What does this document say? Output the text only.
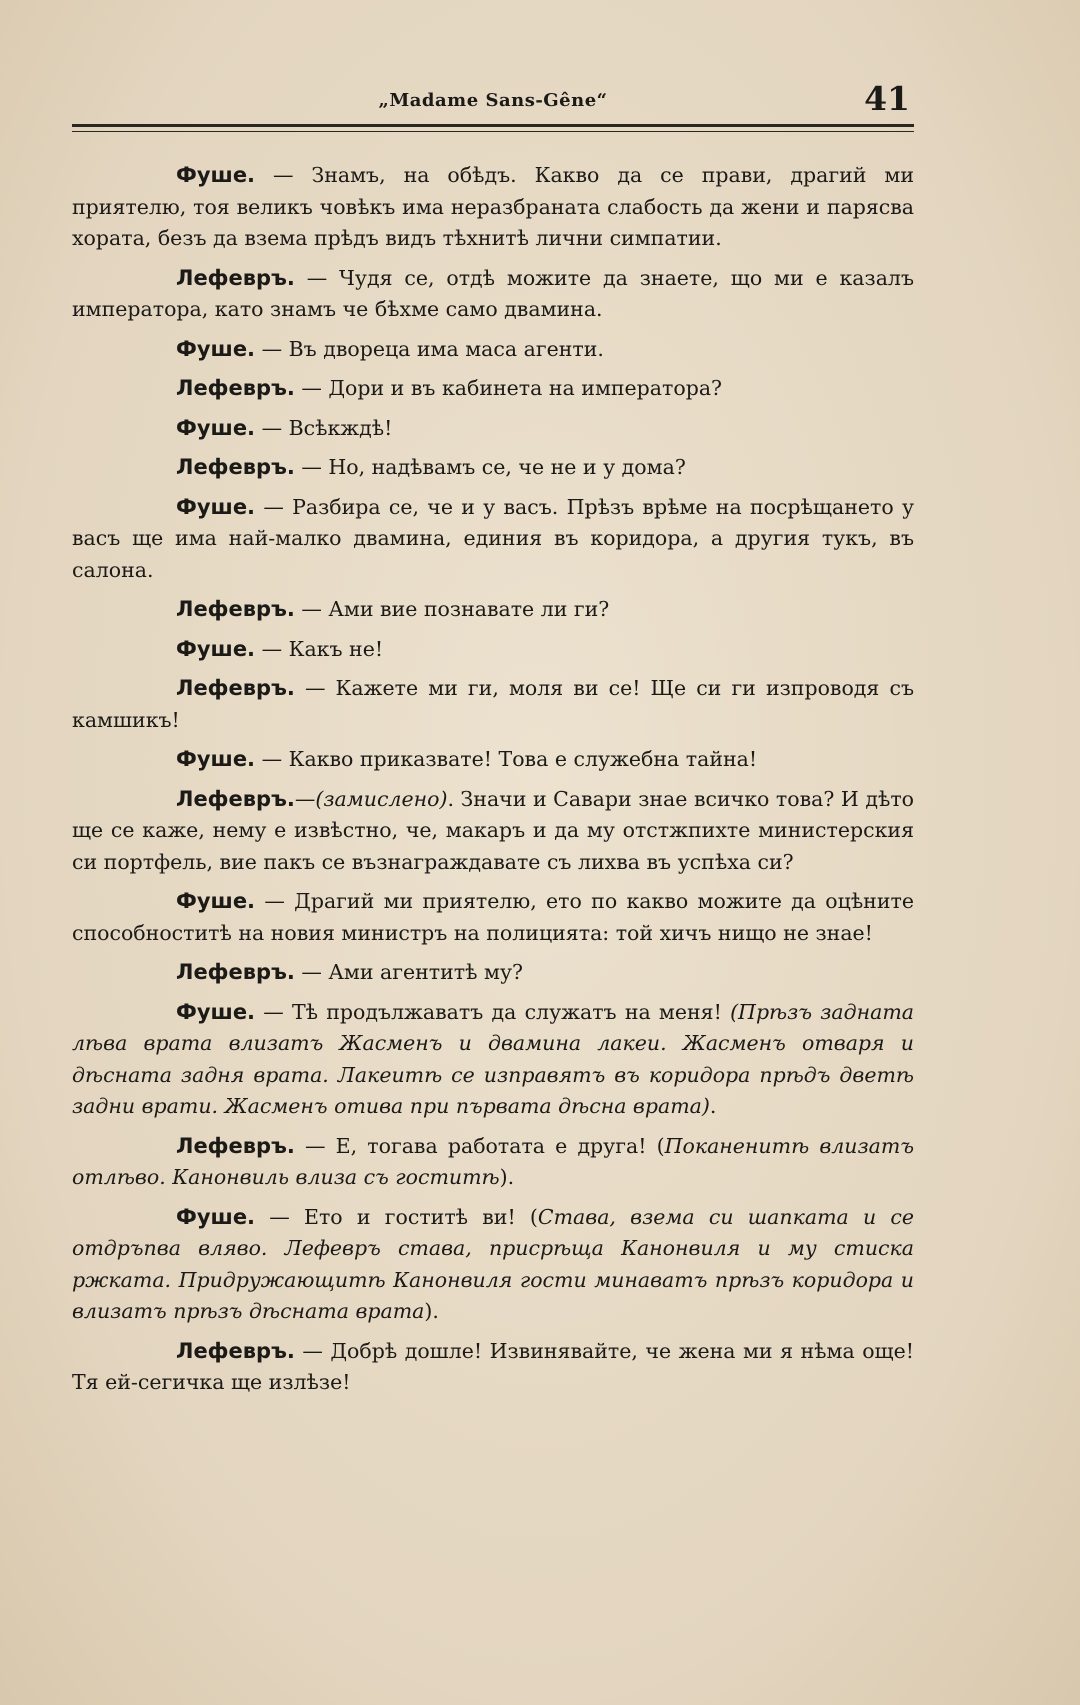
„Madame Sans-Gêne“	41

Фуше. — Знамъ, на обѣдъ. Какво да се прави, драгий ми приятелю, тоя великъ човѣкъ има неразбраната слабость да жени и парясва хората, безъ да взема прѣдъ видъ тѣхнитѣ лични симпатии.

Лефевръ. — Чудя се, отдѣ можите да знаете, що ми е казалъ императора, като знамъ че бѣхме само двамина.

Фуше. — Въ двореца има маса агенти.

Лефевръ. — Дори и въ кабинета на императора?

Фуше. — Всѣкждѣ!

Лефевръ. — Но, надѣвамъ се, че не и у дома?

Фуше. — Разбира се, че и у васъ. Прѣзъ врѣме на посрѣщането у васъ ще има най-малко двамина, единия въ коридора, а другия тукъ, въ салона.

Лефевръ. — Ами вие познавате ли ги?

Фуше. — Какъ не!

Лефевръ. — Кажете ми ги, моля ви се! Ще си ги изпроводя съ камшикъ!

Фуше. — Какво приказвате! Това е служебна тайна!

Лефевръ.—(замислено). Значи и Савари знае всичко това? И дѣто ще се каже, нему е извѣстно, че, макаръ и да му отстжпихте министерския си портфель, вие пакъ се възнаграждавате съ лихва въ успѣха си?

Фуше. — Драгий ми приятелю, ето по какво можите да оцѣните способноститѣ на новия министръ на полицията: той хичъ нищо не знае!

Лефевръ. — Ами агентитѣ му?

Фуше. — Тѣ продължаватъ да служатъ на меня! (Прѣзъ задната лѣва врата влизатъ Жасменъ и двамина лакеи. Жасменъ отваря и дѣсната задня врата. Лакеитѣ се изправятъ въ коридора прѣдъ дветѣ задни врати. Жасменъ отива при първата дѣсна врата).

Лефевръ. — Е, тогава работата е друга! (Поканенитѣ влизатъ отлѣво. Канонвиль влиза съ гоститѣ).

Фуше. — Ето и гоститѣ ви! (Става, взема си шапката и се отдръпва вляво. Лефевръ става, присрѣща Канонвиля и му стиска ржката. Придружающитѣ Канонвиля гости минаватъ прѣзъ коридора и влизатъ прѣзъ дѣсната врата).

Лефевръ. — Добрѣ дошле! Извинявайте, че жена ми я нѣма още! Тя ей-сегичка ще излѣзе!
